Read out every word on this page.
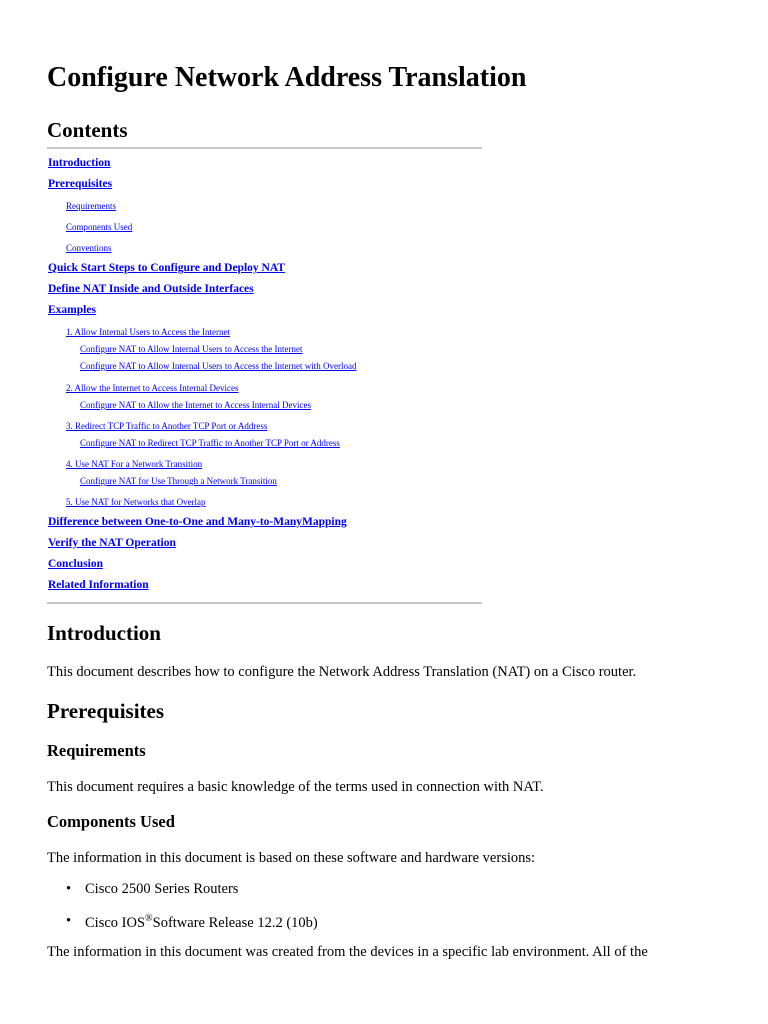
Configure Network Address Translation
Contents
Introduction
Prerequisites
Requirements
Components Used
Conventions
Quick Start Steps to Configure and Deploy NAT
Define NAT Inside and Outside Interfaces
Examples
1. Allow Internal Users to Access the Internet
Configure NAT to Allow Internal Users to Access the Internet
Configure NAT to Allow Internal Users to Access the Internet with Overload
2. Allow the Internet to Access Internal Devices
Configure NAT to Allow the Internet to Access Internal Devices
3. Redirect TCP Traffic to Another TCP Port or Address
Configure NAT to Redirect TCP Traffic to Another TCP Port or Address
4. Use NAT For a Network Transition
Configure NAT for Use Through a Network Transition
5. Use NAT for Networks that Overlap
Difference between One-to-One and Many-to-ManyMapping
Verify the NAT Operation
Conclusion
Related Information
Introduction

This document describes how to configure the Network Address Translation (NAT) on a Cisco router.

Prerequisites
Requirements

This document requires a basic knowledge of the terms used in connection with NAT.

Components Used

The information in this document is based on these software and hardware versions:

• Cisco 2500 Series Routers
• Cisco IOS®Software Release 12.2 (10b)

The information in this document was created from the devices in a specific lab environment. All of the
